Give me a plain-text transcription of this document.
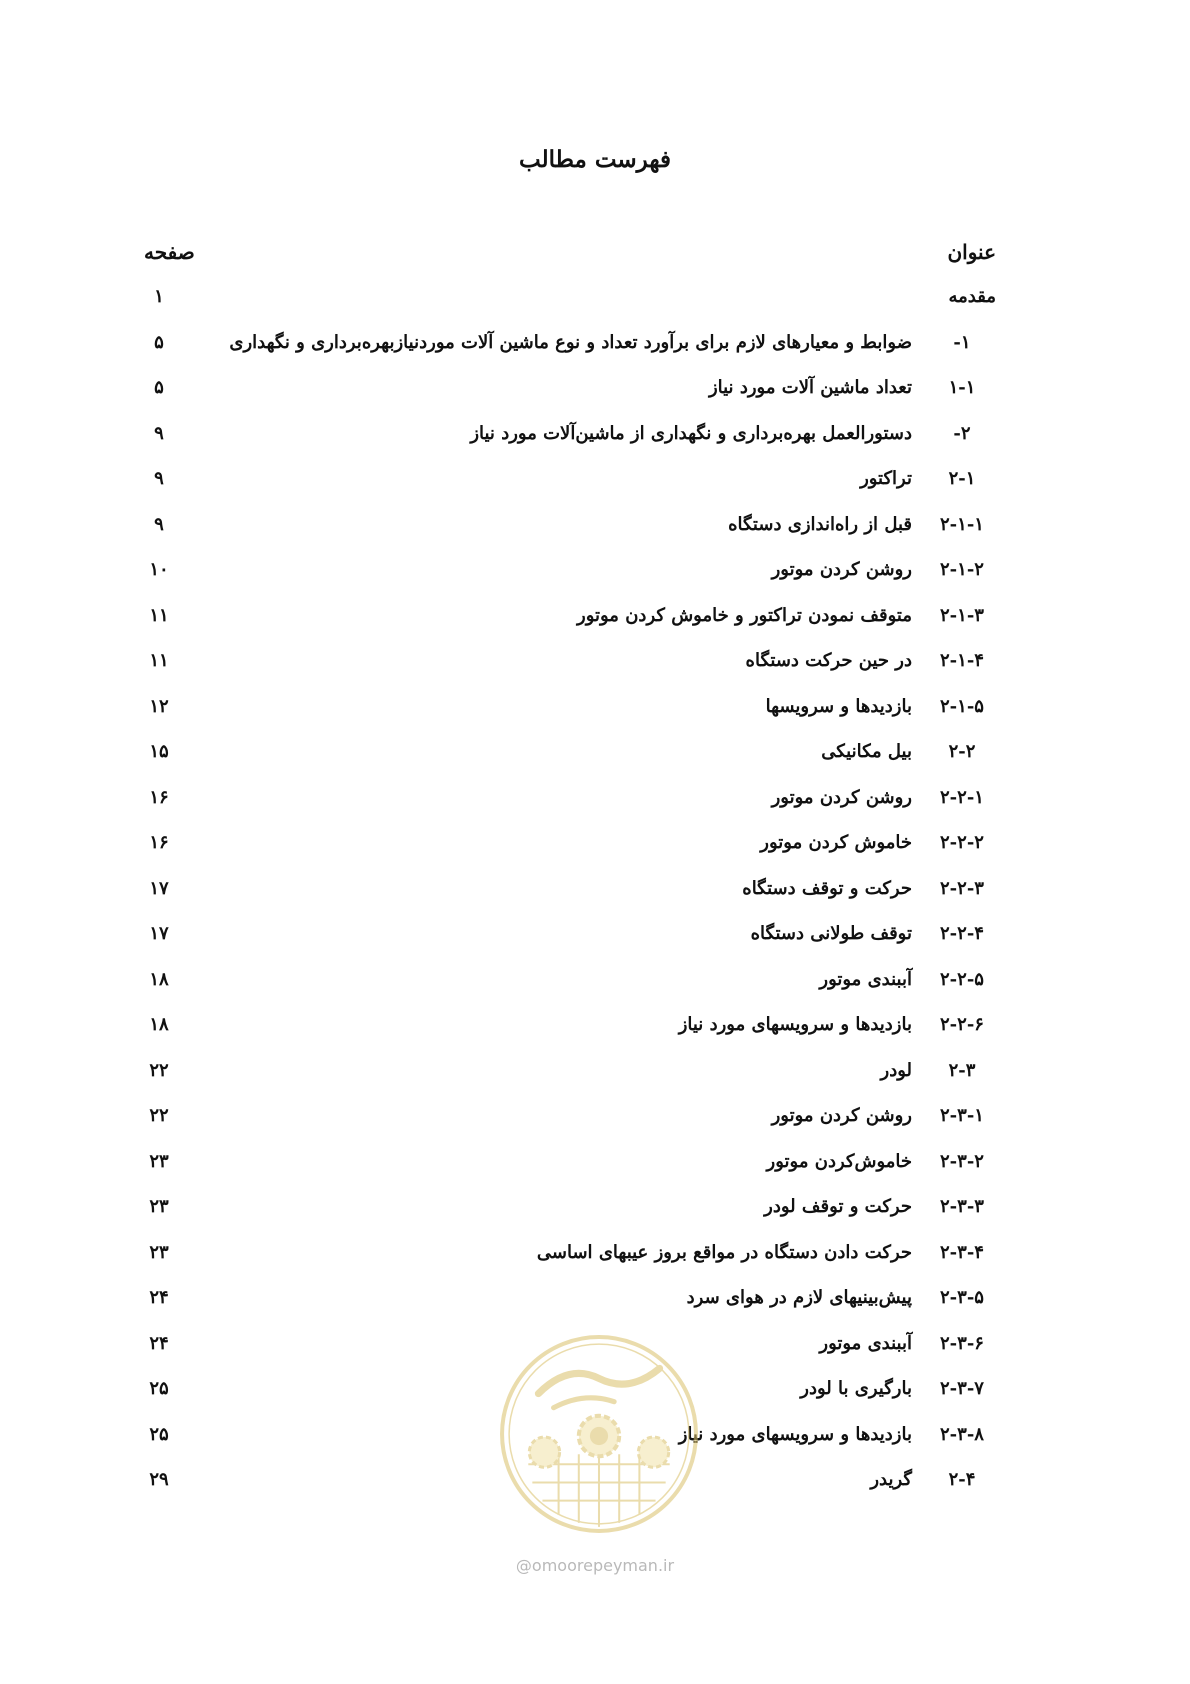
فهرست مطالب
عنوان
صفحه
مقدمه
۱
۱-
ضوابط و معیارهای لازم برای برآورد تعداد و نوع ماشین آلات موردنیازبهره‌برداری و نگهداری
۵
۱-۱
تعداد ماشین آلات مورد نیاز
۵
۲-
دستورالعمل بهره‌برداری و نگهداری از ماشین‌آلات مورد نیاز
۹
۲-۱
تراکتور
۹
۲-۱-۱
قبل از راه‌اندازی دستگاه
۹
۲-۱-۲
روشن کردن موتور
۱۰
۲-۱-۳
متوقف نمودن تراکتور و خاموش کردن موتور
۱۱
۲-۱-۴
در حین حرکت دستگاه
۱۱
۲-۱-۵
بازدیدها و سرویسها
۱۲
۲-۲
بیل مکانیکی
۱۵
۲-۲-۱
روشن کردن موتور
۱۶
۲-۲-۲
خاموش کردن موتور
۱۶
۲-۲-۳
حرکت و توقف دستگاه
۱۷
۲-۲-۴
توقف طولانی دستگاه
۱۷
۲-۲-۵
آببندی موتور
۱۸
۲-۲-۶
بازدیدها و سرویسهای مورد نیاز
۱۸
۲-۳
لودر
۲۲
۲-۳-۱
روشن کردن موتور
۲۲
۲-۳-۲
خاموش‌کردن موتور
۲۳
۲-۳-۳
حرکت و توقف لودر
۲۳
۲-۳-۴
حرکت دادن دستگاه در مواقع بروز عیبهای اساسی
۲۳
۲-۳-۵
پیش‌بینیهای لازم در هوای سرد
۲۴
۲-۳-۶
آببندی موتور
۲۴
۲-۳-۷
بارگیری با لودر
۲۵
۲-۳-۸
بازدیدها و سرویسهای مورد نیاز
۲۵
۲-۴
گریدر
۲۹
@omoorepeyman.ir
